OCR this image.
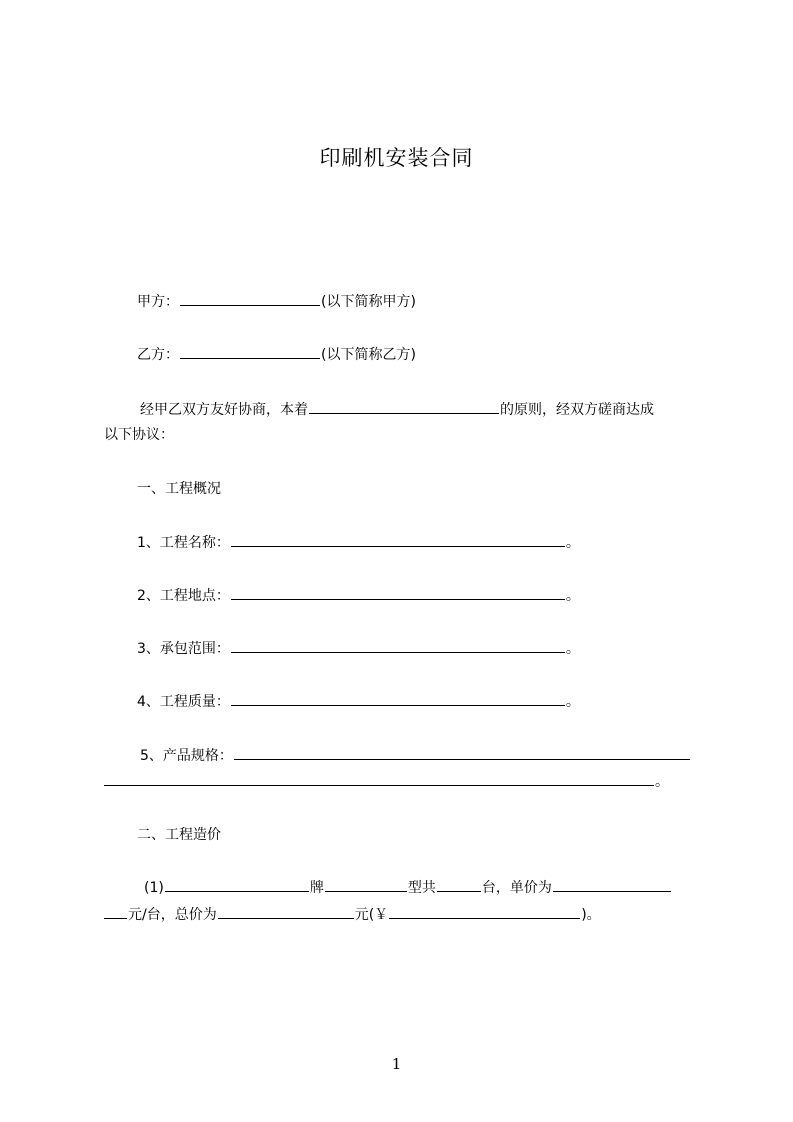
印刷机安装合同
甲方：	(以下简称甲方)
乙方：	(以下简称乙方)
经甲乙双方友好协商，本着	的原则，经双方磋商达成
以下协议：
一、工程概况
1、工程名称：	。
2、工程地点：	。
3、承包范围：	。
4、工程质量：	。
5、产品规格：
。
二、工程造价
(1)	牌	型共	台，单价为
元/台，总价为	元(￥	)。
1
